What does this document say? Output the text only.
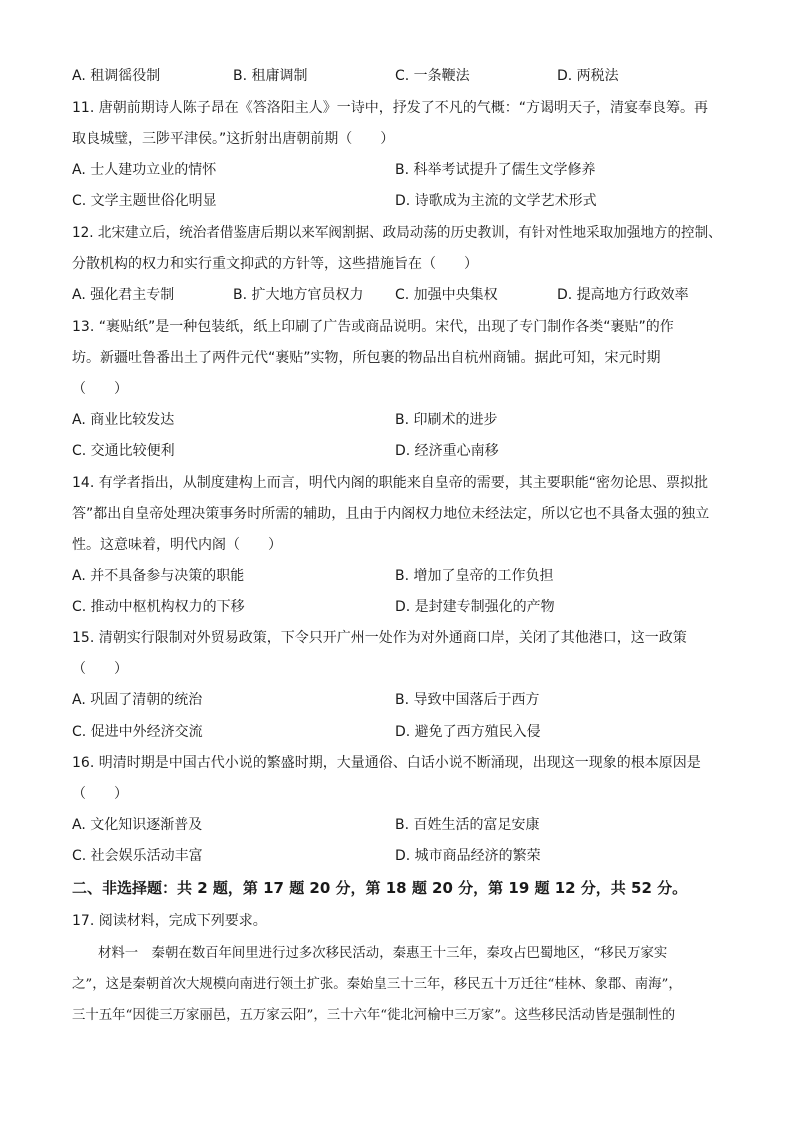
A. 租调徭役制	B. 租庸调制	C. 一条鞭法	D. 两税法
11. 唐朝前期诗人陈子昂在《答洛阳主人》一诗中，抒发了不凡的气概：“方谒明天子，清宴奉良筹。再
取良城璧，三陟平津侯。”这折射出唐朝前期（　　）
A. 士人建功立业的情怀	B. 科举考试提升了儒生文学修养
C. 文学主题世俗化明显	D. 诗歌成为主流的文学艺术形式
12. 北宋建立后，统治者借鉴唐后期以来军阀割据、政局动荡的历史教训，有针对性地采取加强地方的控制、
分散机构的权力和实行重文抑武的方针等，这些措施旨在（　　）
A. 强化君主专制	B. 扩大地方官员权力 C. 加强中央集权	D. 提高地方行政效率
13. “裹贴纸”是一种包装纸，纸上印刷了广告或商品说明。宋代，出现了专门制作各类“裹贴”的作
坊。新疆吐鲁番出土了两件元代“裹贴”实物，所包裹的物品出自杭州商铺。据此可知，宋元时期
（　　）
A. 商业比较发达	B. 印刷术的进步
C. 交通比较便利	D. 经济重心南移
14. 有学者指出，从制度建构上而言，明代内阁的职能来自皇帝的需要，其主要职能“密勿论思、票拟批
答”都出自皇帝处理决策事务时所需的辅助，且由于内阁权力地位未经法定，所以它也不具备太强的独立
性。这意味着，明代内阁（　　）
A. 并不具备参与决策的职能	B. 增加了皇帝的工作负担
C. 推动中枢机构权力的下移	D. 是封建专制强化的产物
15. 清朝实行限制对外贸易政策，下令只开广州一处作为对外通商口岸，关闭了其他港口，这一政策
（　　）
A. 巩固了清朝的统治	B. 导致中国落后于西方
C. 促进中外经济交流	D. 避免了西方殖民入侵
16. 明清时期是中国古代小说的繁盛时期，大量通俗、白话小说不断涌现，出现这一现象的根本原因是
（　　）
A. 文化知识逐渐普及	B. 百姓生活的富足安康
C. 社会娱乐活动丰富	D. 城市商品经济的繁荣
二、非选择题：共 2 题，第 17 题 20 分，第 18 题 20 分，第 19 题 12 分，共 52 分。
17. 阅读材料，完成下列要求。
材料一　秦朝在数百年间里进行过多次移民活动，秦惠王十三年，秦攻占巴蜀地区，“移民万家实
之”，这是秦朝首次大规模向南进行领土扩张。秦始皇三十三年，移民五十万迁往“桂林、象郡、南海”，
三十五年“因徙三万家丽邑，五万家云阳”，三十六年“徙北河榆中三万家”。这些移民活动皆是强制性的
